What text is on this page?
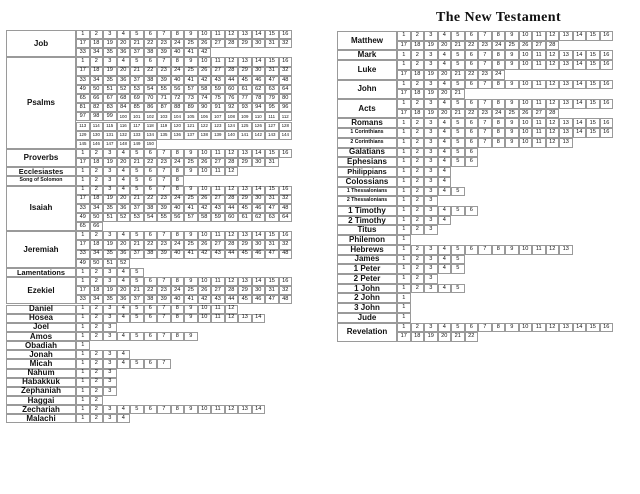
The New Testament
Job
1	2	3	4	5	6	7	8	9	10	11	12	13	14	15	16
17	18	19	20	21	22	23	24	25	26	27	28	29	30	31	32
33	34	35	36	37	38	39	40	41	42
Psalms
1	2	3	4	5	6	7	8	9	10	11	12	13	14	15	16
17	18	19	20	21	22	23	24	25	26	27	28	29	30	31	32
33	34	35	36	37	38	39	40	41	42	43	44	45	46	47	48
49	50	51	52	53	54	55	56	57	58	59	60	61	62	63	64
65	66	67	68	69	70	71	72	73	74	75	76	77	78	79	80
81	82	83	84	85	86	87	88	89	90	91	92	93	94	95	96
97	98	99	100	101	102	103	104	105	106	107	108	109	110	111	112
113	114	115	116	117	118	119	120	121	122	123	124	125	126	127	128
129	130	131	132	133	134	135	136	137	138	139	140	141	142	143	144
145	146	147	148	149	150
Proverbs
1	2	3	4	5	6	7	8	9	10	11	12	13	14	15	16
17	18	19	20	21	22	23	24	25	26	27	28	29	30	31
Ecclesiastes	1	2	3	4	5	6	7	8	9	10	11	12
Song of Solomon	1	2	3	4	5	6	7	8
Isaiah
1	2	3	4	5	6	7	8	9	10	11	12	13	14	15	16
17	18	19	20	21	22	23	24	25	26	27	28	29	30	31	32
33	34	35	36	37	38	39	40	41	42	43	44	45	46	47	48
49	50	51	52	53	54	55	56	57	58	59	60	61	62	63	64
65	66
Jeremiah
1	2	3	4	5	6	7	8	9	10	11	12	13	14	15	16
17	18	19	20	21	22	23	24	25	26	27	28	29	30	31	32
33	34	35	36	37	38	39	40	41	42	43	44	45	46	47	48
49	50	51	52
Lamentations	1	2	3	4	5
Ezekiel
1	2	3	4	5	6	7	8	9	10	11	12	13	14	15	16
17	18	19	20	21	22	23	24	25	26	27	28	29	30	31	32
33	34	35	36	37	38	39	40	41	42	43	44	45	46	47	48
Daniel	1	2	3	4	5	6	7	8	9	10	11	12
Hosea	1	2	3	4	5	6	7	8	9	10	11	12	13	14
Joel	1	2	3
Amos	1	2	3	4	5	6	7	8	9
Obadiah	1
Jonah	1	2	3	4
Micah	1	2	3	4	5	6	7
Nahum	1	2	3
Habakkuk	1	2	3
Zephaniah	1	2	3
Haggai	1	2
Zechariah	1	2	3	4	5	6	7	8	9	10	11	12	13	14
Malachi	1	2	3	4
Matthew
1	2	3	4	5	6	7	8	9	10	11	12	13	14	15	16
17	18	19	20	21	22	23	24	25	26	27	28
Mark	1	2	3	4	5	6	7	8	9	10	11	12	13	14	15	16
Luke
1	2	3	4	5	6	7	8	9	10	11	12	13	14	15	16
17	18	19	20	21	22	23	24
John
1	2	3	4	5	6	7	8	9	10	11	12	13	14	15	16
17	18	19	20	21
Acts
1	2	3	4	5	6	7	8	9	10	11	12	13	14	15	16
17	18	19	20	21	22	23	24	25	26	27	28
Romans	1	2	3	4	5	6	7	8	9	10	11	12	13	14	15	16
1 Corinthians	1	2	3	4	5	6	7	8	9	10	11	12	13	14	15	16
2 Corinthians	1	2	3	4	5	6	7	8	9	10	11	12	13
Galatians	1	2	3	4	5	6
Ephesians	1	2	3	4	5	6
Philippians	1	2	3	4
Colossians	1	2	3	4
1 Thessalonians	1	2	3	4	5
2 Thessalonians	1	2	3
1 Timothy	1	2	3	4	5	6
2 Timothy	1	2	3	4
Titus	1	2	3
Philemon	1
Hebrews	1	2	3	4	5	6	7	8	9	10	11	12	13
James	1	2	3	4	5
1 Peter	1	2	3	4	5
2 Peter	1	2	3
1 John	1	2	3	4	5
2 John	1
3 John	1
Jude	1
Revelation
1	2	3	4	5	6	7	8	9	10	11	12	13	14	15	16
17	18	19	20	21	22
